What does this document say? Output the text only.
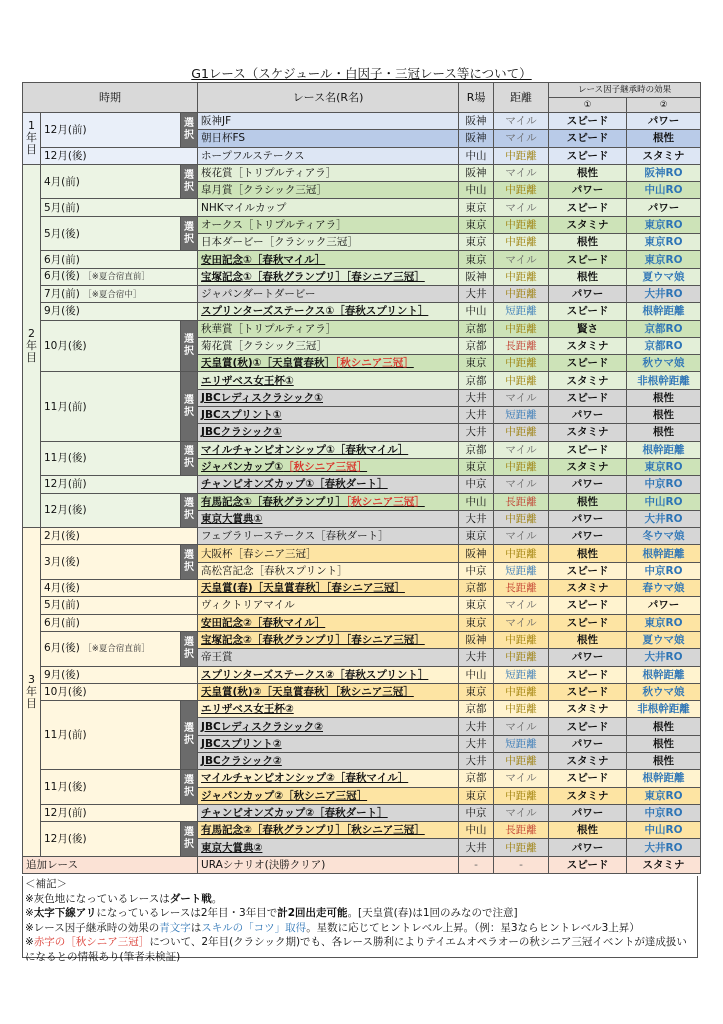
G1レース（スケジュール・白因子・三冠レース等について）
時期			レース名(R名)	R場	距離	レース因子継承時の効果	
						①	②
1年目	12月(前)	選択	阪神JF	阪神	マイル	スピード	パワー
			朝日杯FS	阪神	マイル	スピード	根性
	12月(後)		ホープフルステークス	中山	中距離	スピード	スタミナ
2年目	4月(前)	選択	桜花賞［トリプルティアラ］	阪神	マイル	根性	阪神RO
			皐月賞［クラシック三冠］	中山	中距離	パワー	中山RO
	5月(前)		NHKマイルカップ	東京	マイル	スピード	パワー
	5月(後)	選択	オークス［トリプルティアラ］	東京	中距離	スタミナ	東京RO
			日本ダービー［クラシック三冠］	東京	中距離	根性	東京RO
	6月(前)		安田記念①［春秋マイル］	東京	マイル	スピード	東京RO
	6月(後) ［※夏合宿直前］		宝塚記念①［春秋グランプリ］［春シニア三冠］	阪神	中距離	根性	夏ウマ娘
	7月(前) ［※夏合宿中］		ジャパンダートダービー	大井	中距離	パワー	大井RO
	9月(後)		スプリンターズステークス①［春秋スプリント］	中山	短距離	スピード	根幹距離
	10月(後)	選択	秋華賞［トリプルティアラ］	京都	中距離	賢さ	京都RO
			菊花賞［クラシック三冠］	京都	長距離	スタミナ	京都RO
			天皇賞(秋)①［天皇賞春秋］［秋シニア三冠］	東京	中距離	スピード	秋ウマ娘
	11月(前)	選択	エリザベス女王杯①	京都	中距離	スタミナ	非根幹距離
			JBCレディスクラシック①	大井	マイル	スピード	根性
			JBCスプリント①	大井	短距離	パワー	根性
			JBCクラシック①	大井	中距離	スタミナ	根性
	11月(後)	選択	マイルチャンピオンシップ①［春秋マイル］	京都	マイル	スピード	根幹距離
			ジャパンカップ①［秋シニア三冠］	東京	中距離	スタミナ	東京RO
	12月(前)		チャンピオンズカップ①［春秋ダート］	中京	マイル	パワー	中京RO
	12月(後)	選択	有馬記念①［春秋グランプリ］［秋シニア三冠］	中山	長距離	根性	中山RO
			東京大賞典①	大井	中距離	パワー	大井RO
3年目	2月(後)		フェブラリーステークス［春秋ダート］	東京	マイル	パワー	冬ウマ娘
	3月(後)	選択	大阪杯［春シニア三冠］	阪神	中距離	根性	根幹距離
			高松宮記念［春秋スプリント］	中京	短距離	スピード	中京RO
	4月(後)		天皇賞(春)［天皇賞春秋］［春シニア三冠］	京都	長距離	スタミナ	春ウマ娘
	5月(前)		ヴィクトリアマイル	東京	マイル	スピード	パワー
	6月(前)		安田記念②［春秋マイル］	東京	マイル	スピード	東京RO
	6月(後) ［※夏合宿直前］	選択	宝塚記念②［春秋グランプリ］［春シニア三冠］	阪神	中距離	根性	夏ウマ娘
			帝王賞	大井	中距離	パワー	大井RO
	9月(後)		スプリンターズステークス②［春秋スプリント］	中山	短距離	スピード	根幹距離
	10月(後)		天皇賞(秋)②［天皇賞春秋］［秋シニア三冠］	東京	中距離	スピード	秋ウマ娘
	11月(前)	選択	エリザベス女王杯②	京都	中距離	スタミナ	非根幹距離
			JBCレディスクラシック②	大井	マイル	スピード	根性
			JBCスプリント②	大井	短距離	パワー	根性
			JBCクラシック②	大井	中距離	スタミナ	根性
	11月(後)	選択	マイルチャンピオンシップ②［春秋マイル］	京都	マイル	スピード	根幹距離
			ジャパンカップ②［秋シニア三冠］	東京	中距離	スタミナ	東京RO
	12月(前)		チャンピオンズカップ②［春秋ダート］	中京	マイル	パワー	中京RO
	12月(後)	選択	有馬記念②［春秋グランプリ］［秋シニア三冠］	中山	長距離	根性	中山RO
			東京大賞典②	大井	中距離	パワー	大井RO
追加レース			URAシナリオ(決勝クリア)	-	-	スピード	スタミナ
＜補記＞
※灰色地になっているレースはダート戦。
※太字下線アリになっているレースは2年目・3年目で計2回出走可能。[天皇賞(春)は1回のみなので注意]
※レース因子継承時の効果の青文字はスキルの「コツ」取得。星数に応じてヒントレベル上昇。（例：星3ならヒントレベル3上昇）
※赤字の［秋シニア三冠］について、2年目(クラシック期)でも、各レース勝利によりテイエムオペラオーの秋シニア三冠イベントが達成扱い
になるとの情報あり(筆者未検証)
